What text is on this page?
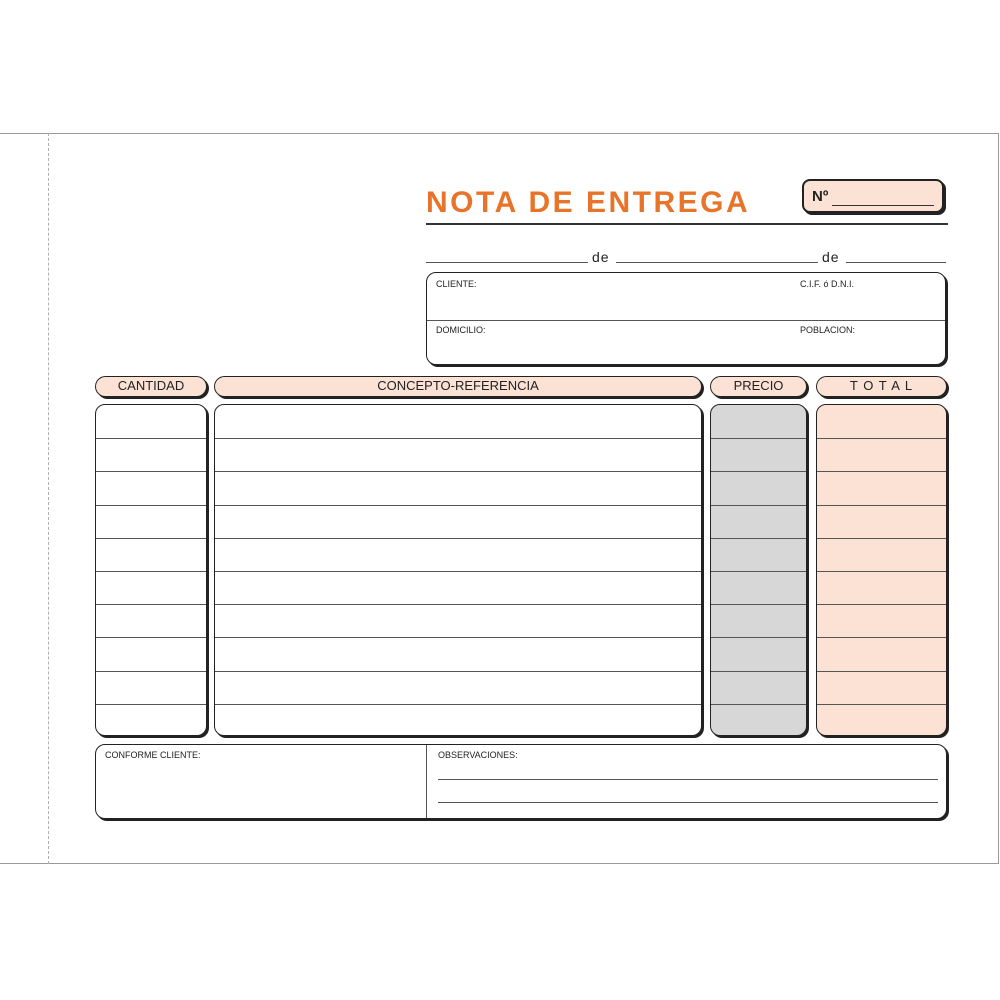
NOTA DE ENTREGA	Nº
de	de
CLIENTE:	C.I.F. ó D.N.I.
DOMICILIO:	POBLACION:
CANTIDAD	CONCEPTO-REFERENCIA	PRECIO	T O T A L
CONFORME CLIENTE:	OBSERVACIONES:
